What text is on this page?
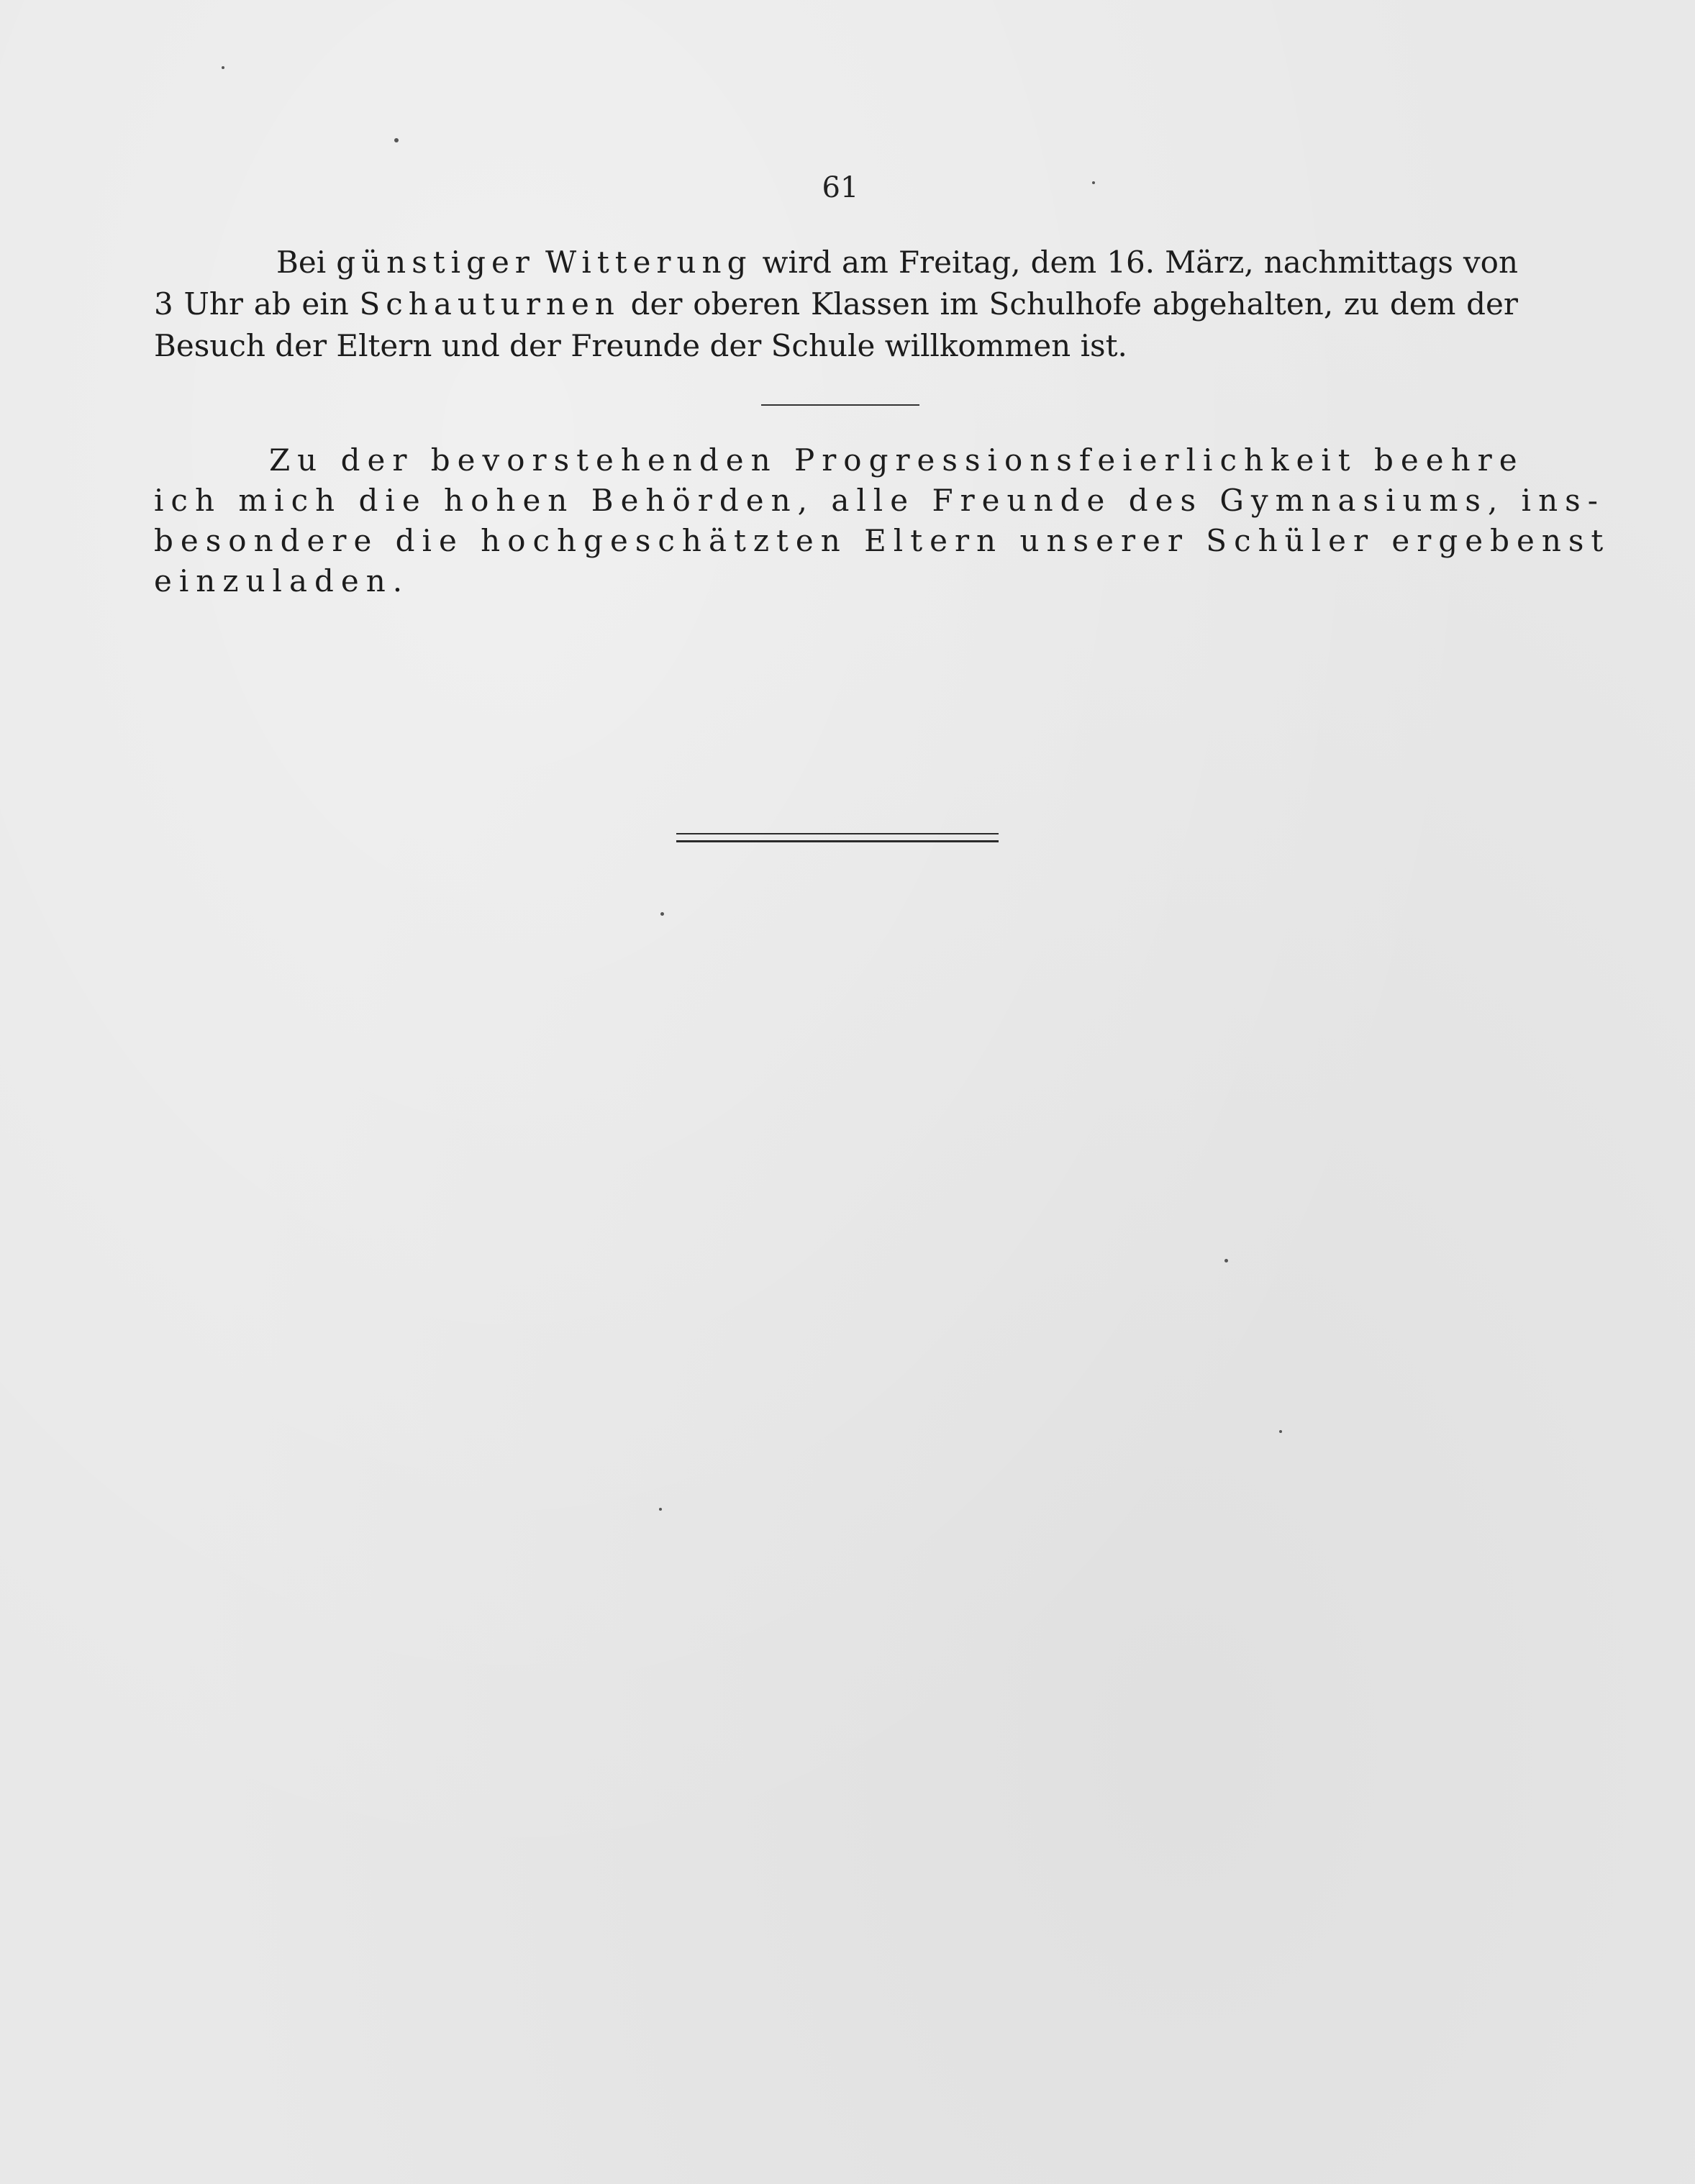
61
Bei günstiger Witterung wird am Freitag, dem 16. März, nachmittags von
3 Uhr ab ein Schauturnen der oberen Klassen im Schulhofe abgehalten, zu dem der
Besuch der Eltern und der Freunde der Schule willkommen ist.
Zu der bevorstehenden Progressionsfeierlichkeit beehre
ich mich die hohen Behörden, alle Freunde des Gymnasiums, ins-
besondere die hochgeschätzten Eltern unserer Schüler ergebenst
einzuladen.
